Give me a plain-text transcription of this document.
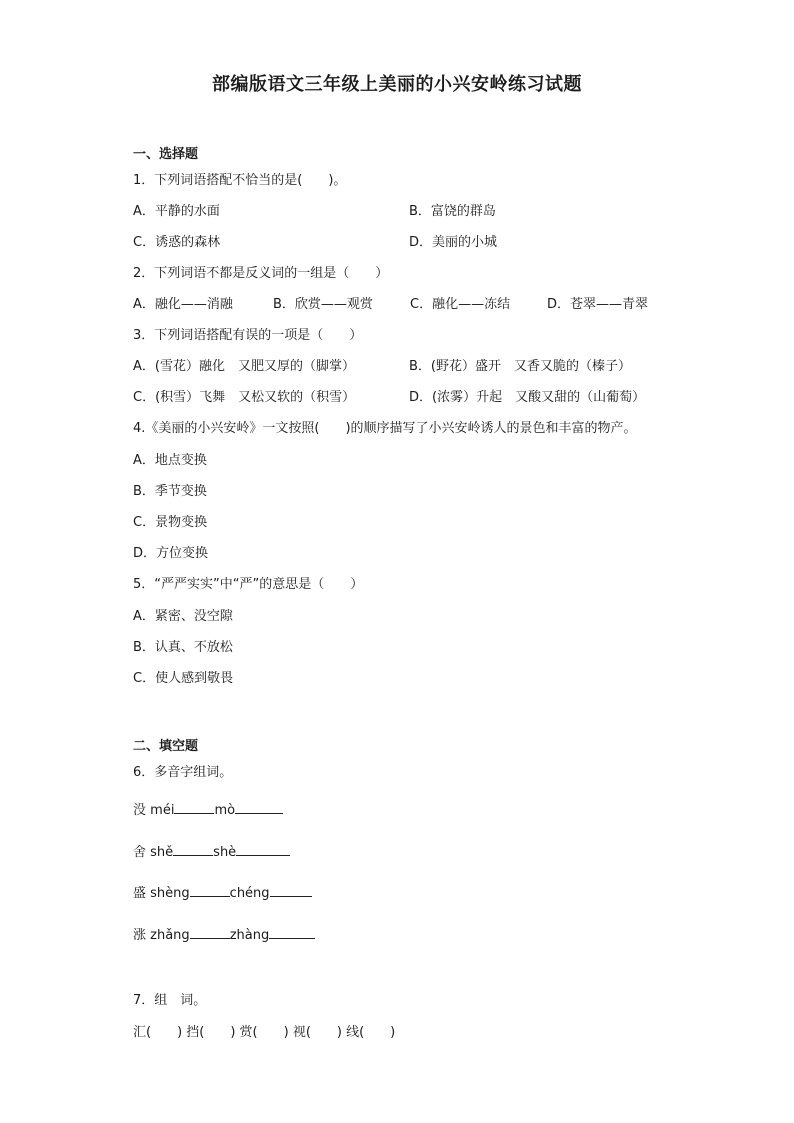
部编版语文三年级上美丽的小兴安岭练习试题
一、选择题
1．下列词语搭配不恰当的是(　　)。
A．平静的水面	B．富饶的群岛
C．诱惑的森林	D．美丽的小城
2．下列词语不都是反义词的一组是（　　）
A．融化——消融	B．欣赏——观赏	C．融化——冻结	D．苍翠——青翠
3．下列词语搭配有误的一项是（　　）
A．(雪花）融化　又肥又厚的（脚掌）	B．(野花）盛开　又香又脆的（榛子）
C．(积雪）飞舞　又松又软的（积雪）	D．(浓雾）升起　又酸又甜的（山葡萄）
4.《美丽的小兴安岭》一文按照(　　)的顺序描写了小兴安岭诱人的景色和丰富的物产。
A．地点变换
B．季节变换
C．景物变换
D．方位变换
5．“严严实实”中“严”的意思是（　　）
A．紧密、没空隙
B．认真、不放松
C．使人感到敬畏
二、填空题
6．多音字组词。
没 méi	mò
舍 shě	shè
盛 shèng	chéng
涨 zhǎng	zhàng
7．组　词。
汇(　　) 挡(　　) 赏(　　) 视(　　) 线(　　)
